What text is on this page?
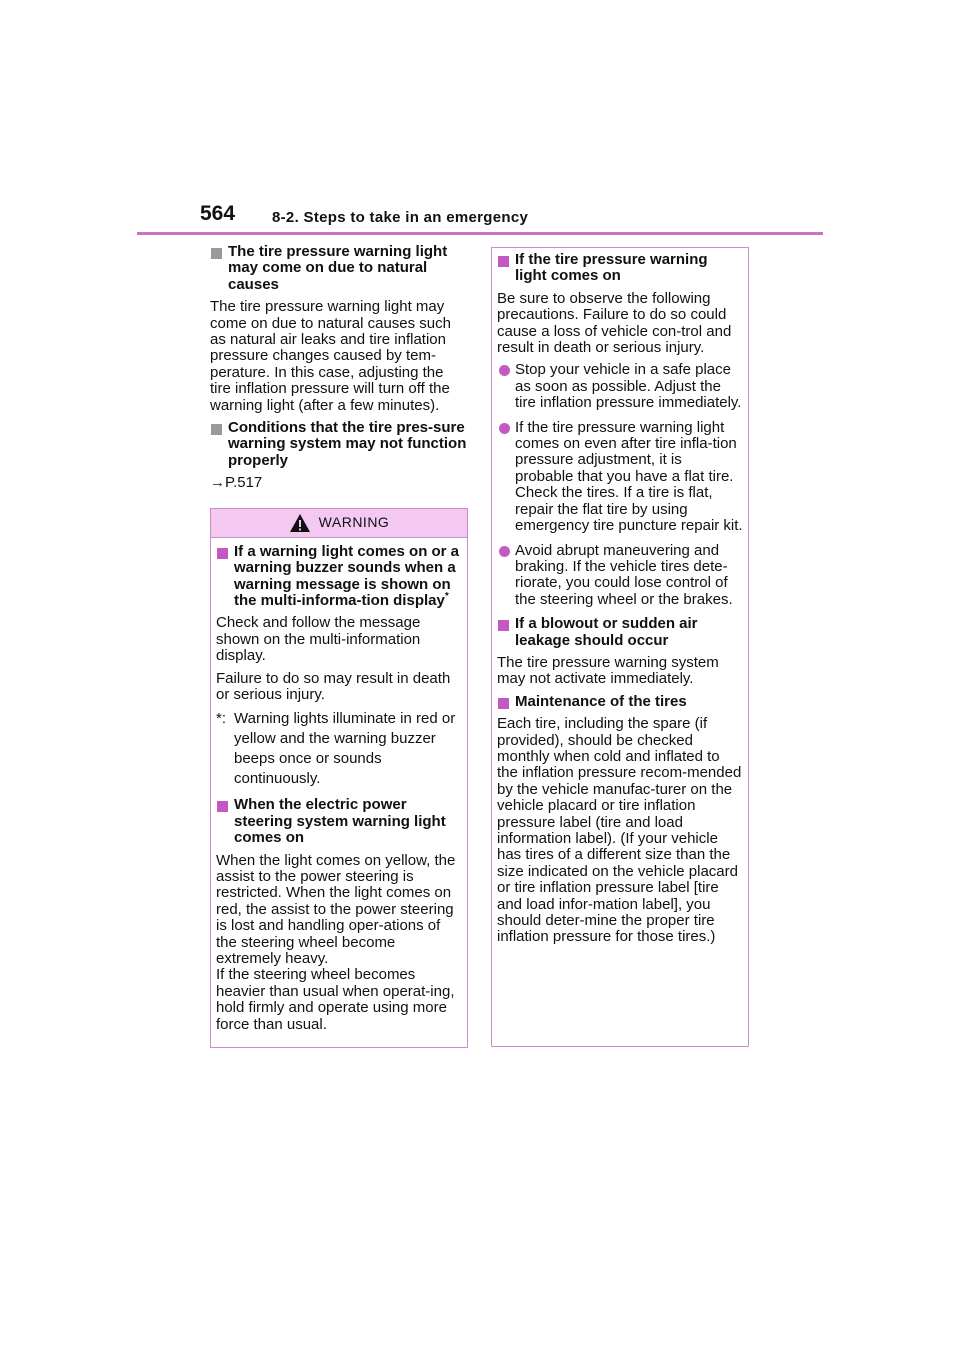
564 8-2. Steps to take in an emergency
The tire pressure warning light may come on due to natural causes

The tire pressure warning light may come on due to natural causes such as natural air leaks and tire inflation pressure changes caused by tem-perature. In this case, adjusting the tire inflation pressure will turn off the warning light (after a few minutes).

Conditions that the tire pres-sure warning system may not function properly

→P.517

WARNING
If a warning light comes on or a warning buzzer sounds when a warning message is shown on the multi-informa-tion display*

Check and follow the message shown on the multi-information display.

Failure to do so may result in death or serious injury.

*: Warning lights illuminate in red or yellow and the warning buzzer beeps once or sounds continuously.
When the electric power steering system warning light comes on

When the light comes on yellow, the assist to the power steering is restricted. When the light comes on red, the assist to the power steering is lost and handling oper-ations of the steering wheel become extremely heavy.

If the steering wheel becomes heavier than usual when operat-ing, hold firmly and operate using more force than usual.

If the tire pressure warning light comes on

Be sure to observe the following precautions. Failure to do so could cause a loss of vehicle con-trol and result in death or serious injury.

Stop your vehicle in a safe place as soon as possible. Adjust the tire inflation pressure immediately.
If the tire pressure warning light comes on even after tire infla-tion pressure adjustment, it is probable that you have a flat tire. Check the tires. If a tire is flat, repair the flat tire by using emergency tire puncture repair kit.
Avoid abrupt maneuvering and braking. If the vehicle tires dete-riorate, you could lose control of the steering wheel or the brakes.
If a blowout or sudden air leakage should occur

The tire pressure warning system may not activate immediately.

Maintenance of the tires

Each tire, including the spare (if provided), should be checked monthly when cold and inflated to the inflation pressure recom-mended by the vehicle manufac-turer on the vehicle placard or tire inflation pressure label (tire and load information label). (If your vehicle has tires of a different size than the size indicated on the vehicle placard or tire inflation pressure label [tire and load infor-mation label], you should deter-mine the proper tire inflation pressure for those tires.)
